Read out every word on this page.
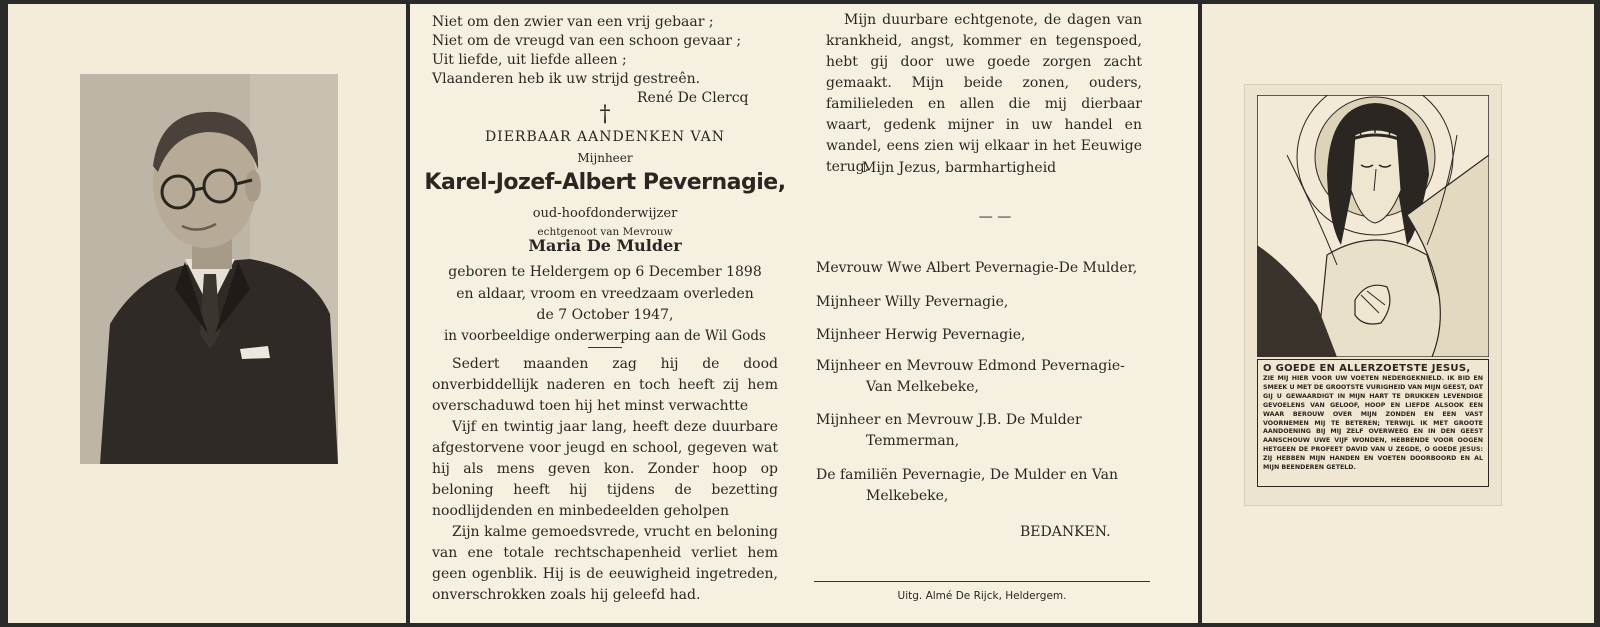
Niet om den zwier van een vrij gebaar ;
Niet om de vreugd van een schoon gevaar ;
Uit liefde, uit liefde alleen ;
Vlaanderen heb ik uw strijd gestreên.
René De Clercq
†
DIERBAAR AANDENKEN VAN
Mijnheer
Karel-Jozef-Albert Pevernagie,
oud-hoofdonderwijzer
echtgenoot van Mevrouw
Maria De Mulder
geboren te Heldergem op 6 December 1898
en aldaar, vroom en vreedzaam overleden
de 7 October 1947,
in voorbeeldige onderwerping aan de Wil Gods
Sedert maanden zag hij de dood onverbiddellijk naderen en toch heeft zij hem overschaduwd toen hij het minst verwachtte
Vijf en twintig jaar lang, heeft deze duurbare afgestorvene voor jeugd en school, gegeven wat hij als mens geven kon. Zonder hoop op beloning heeft hij tijdens de bezetting noodlijdenden en minbedeelden geholpen
Zijn kalme gemoedsvrede, vrucht en beloning van ene totale rechtschapenheid verliet hem geen ogenblik. Hij is de eeuwigheid ingetreden, onverschrokken zoals hij geleefd had.
Mijn duurbare echtgenote, de dagen van krankheid, angst, kommer en tegenspoed, hebt gij door uwe goede zorgen zacht gemaakt. Mijn beide zonen, ouders, familieleden en allen die mij dierbaar waart, gedenk mijner in uw handel en wandel, eens zien wij elkaar in het Eeuwige terug.
Mijn Jezus, barmhartigheid
— —
Mevrouw Wwe Albert Pevernagie-De Mulder,
Mijnheer Willy Pevernagie,
Mijnheer Herwig Pevernagie,
Mijnheer en Mevrouw Edmond Pevernagie-Van Melkebeke,
Mijnheer en Mevrouw J.B. De Mulder Temmerman,
De familiën Pevernagie, De Mulder en Van Melkebeke,
BEDANKEN.
Uitg. Almé De Rijck, Heldergem.
O GOEDE EN ALLERZOETSTE JESUS,
ZIE MIJ HIER VOOR UW VOETEN NEDERGEKNIELD. IK BID EN SMEEK U MET DE GROOTSTE VURIGHEID VAN MIJN GEEST, DAT GIJ U GEWAARDIGT IN MIJN HART TE DRUKKEN LEVENDIGE GEVOELENS VAN GELOOF, HOOP EN LIEFDE ALSOOK EEN WAAR BEROUW OVER MIJN ZONDEN EN EEN VAST VOORNEMEN MIJ TE BETEREN; TERWIJL IK MET GROOTE AANDOENING BIJ MIJ ZELF OVERWEEG EN IN DEN GEEST AANSCHOUW UWE VIJF WONDEN, HEBBENDE VOOR OOGEN HETGEEN DE PROFEET DAVID VAN U ZEGDE, O GOEDE JESUS: ZIJ HEBBEN MIJN HANDEN EN VOETEN DOORBOORD EN AL MIJN BEENDEREN GETELD.
